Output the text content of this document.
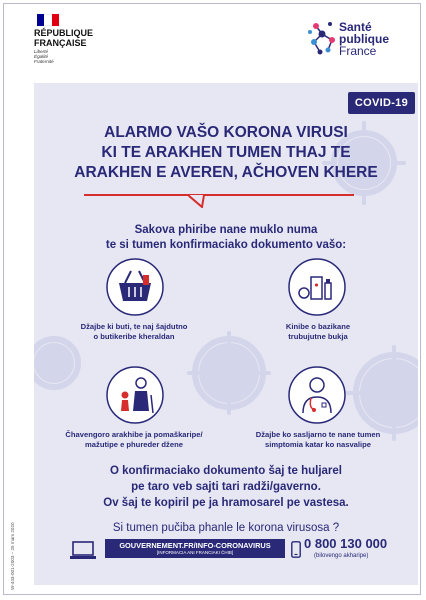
RÉPUBLIQUE
FRANÇAISE
Liberté
Égalité
Fraternité
Santé
publique
France
COVID-19
ALARMO VAŠO KORONA VIRUSI
KI TE ARAKHEN TUMEN THAJ TE
ARAKHEN E AVEREN, AČHOVEN KHERE
Sakova phiribe nane muklo numa
te si tumen konfirmaciako dokumento vašo:
Džajbe ki buti, te naj šajdutno
o butikeribe kheraldan
Kinibe o bazikane
trubujutne bukja
Čhavengoro arakhibe ja pomaškaripe/
mažutipe e phureder džene
Džajbe ko sasljarno te nane tumen
simptomia katar ko nasvalipe
O konfirmaciako dokumento šaj te huljarel
pe taro veb sajti tari radži/gaverno.
Ov šaj te kopiril pe ja hramosarel pe vastesa.
Si tumen pučiba phanle le korona virusosa ?
GOUVERNEMENT.FR/INFO-CORONAVIRUS
[INFORMACIA ANI FRANCIAKI ČHIB]
0 800 130 000
(bilovengo akharipe)
W-443-001-2003 – 25 mars 2020
